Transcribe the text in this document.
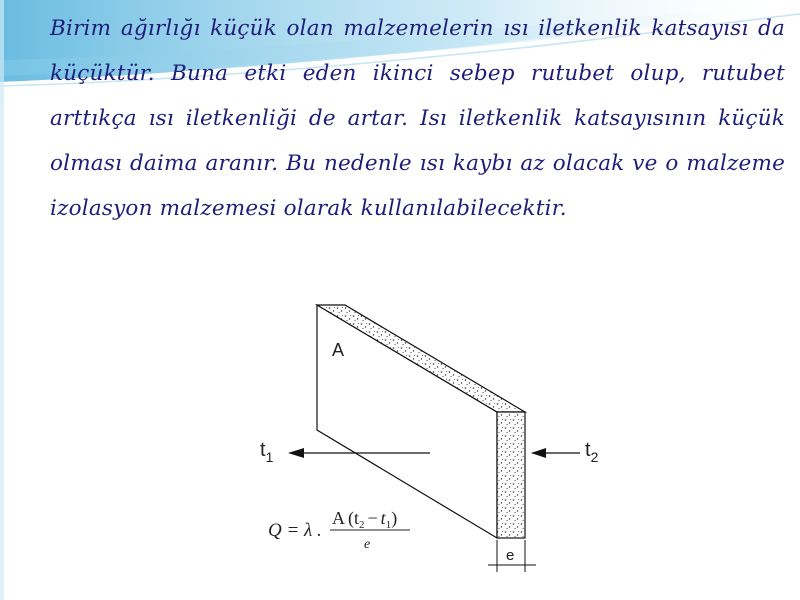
Birim ağırlığı küçük olan malzemelerin ısı iletkenlik katsayısı da küçüktür. Buna etki eden ikinci sebep rutubet olup, rutubet arttıkça ısı iletkenliği de artar. Isı iletkenlik katsayısının küçük olması daima aranır. Bu nedenle ısı kaybı az olacak ve o malzeme izolasyon malzemesi olarak kullanılabilecektir.
A
$t_1$	$t_2$
e
Q = λ .
A $(t_2 - t_1)$
e
